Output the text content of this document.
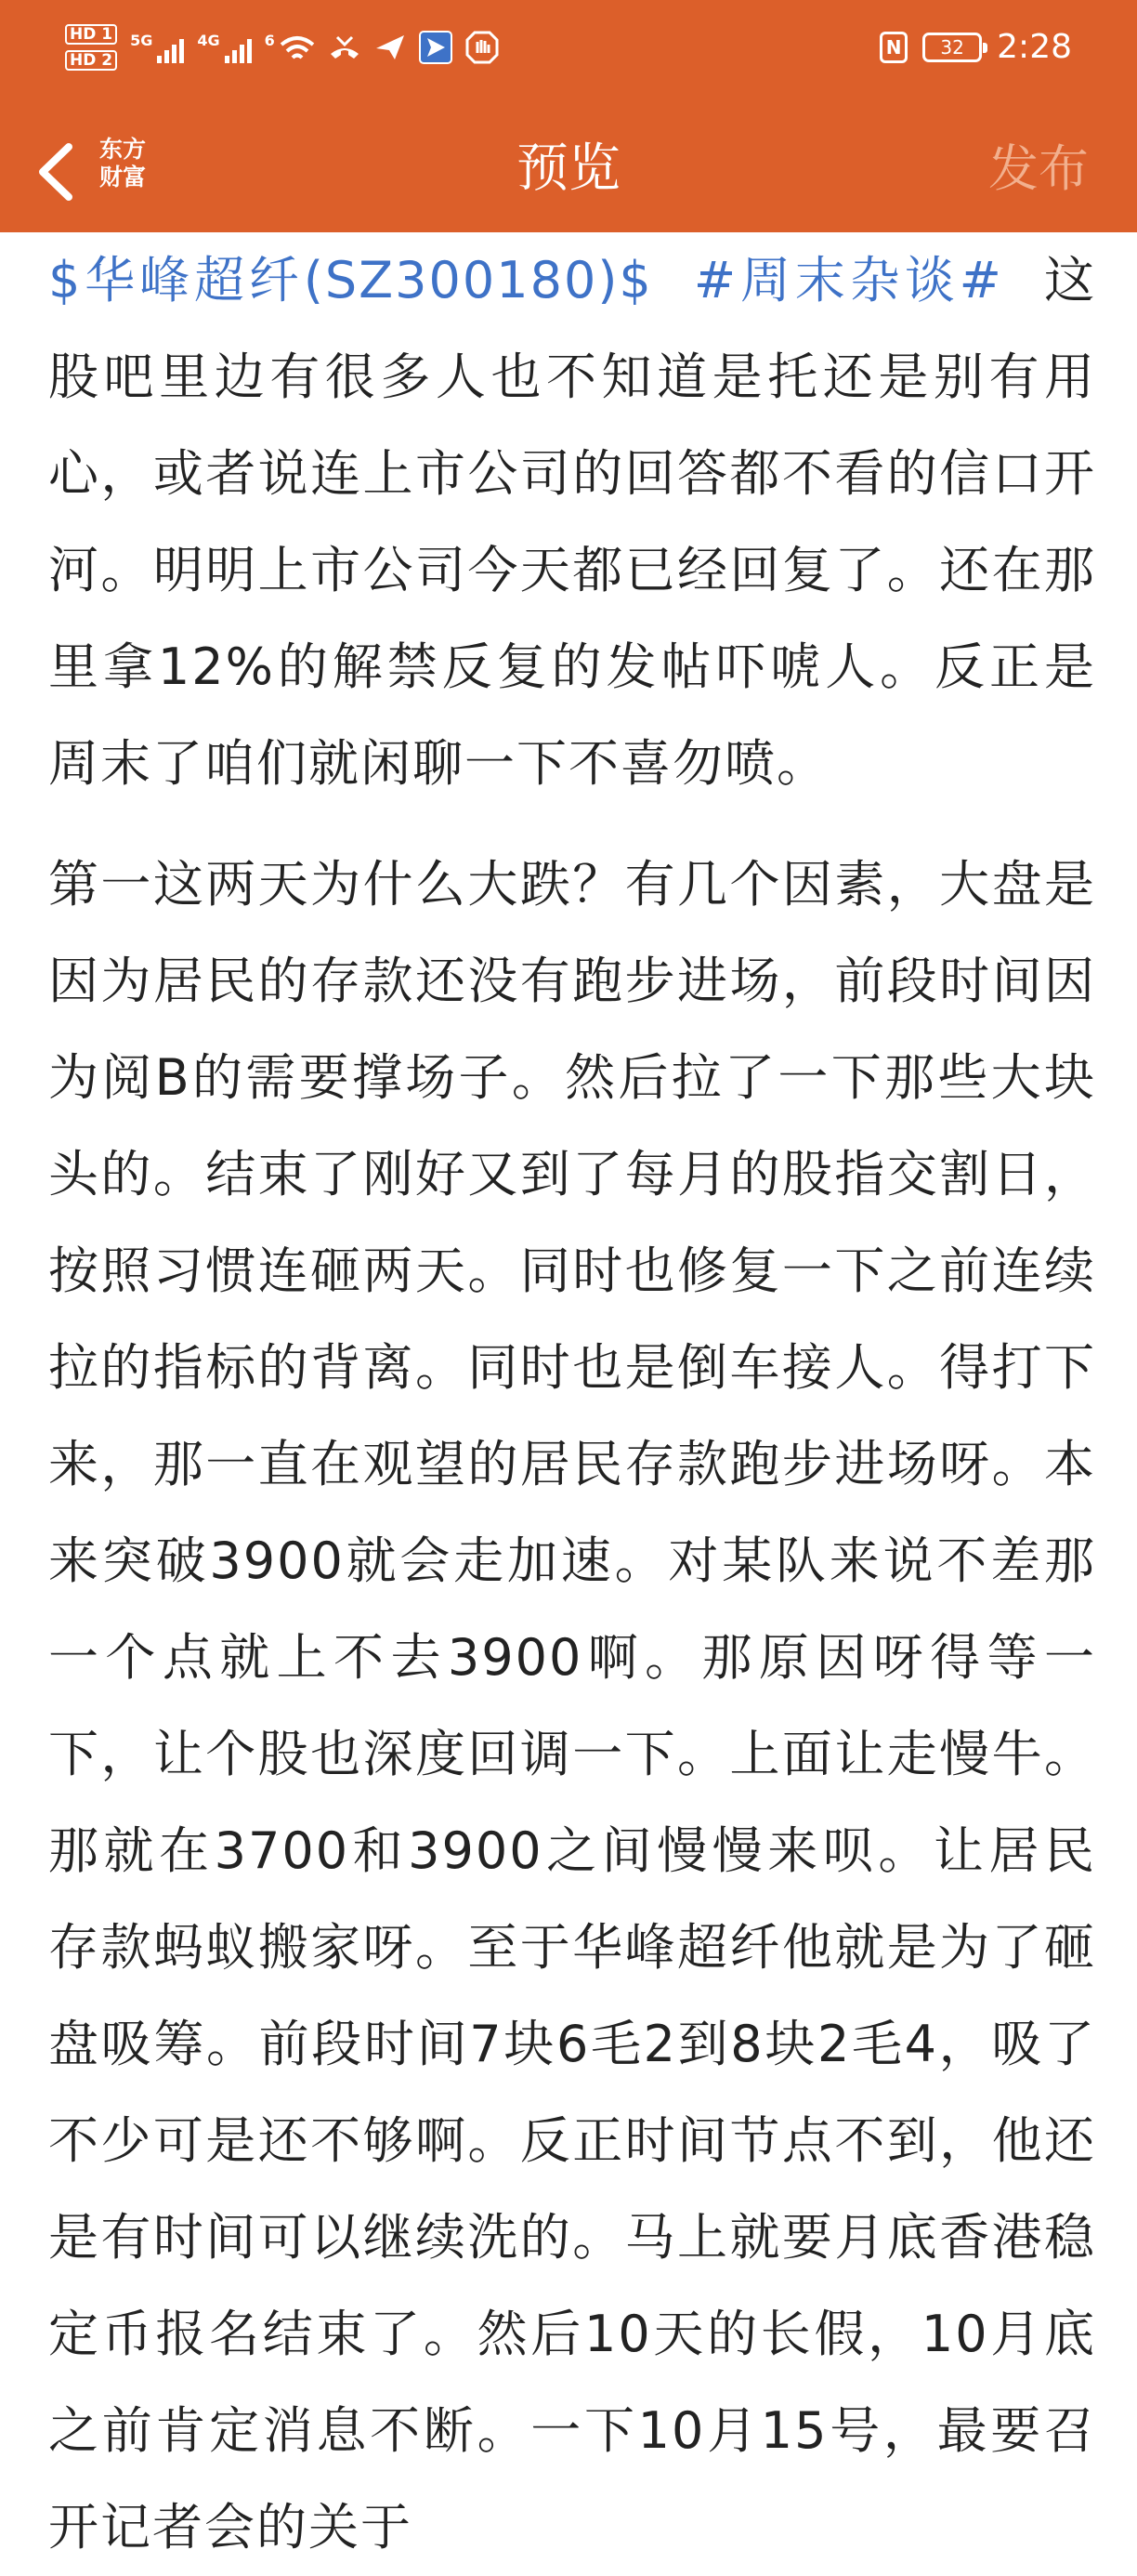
HD 1
HD 2
5G	4G	6	N	32 2:28
东方
财富	预览	发布

$华峰超纤(SZ300180)$ #周末杂谈# 这股吧里边有很多人也不知道是托还是别有用心，或者说连上市公司的回答都不看的信口开河。明明上市公司今天都已经回复了。还在那里拿12%的解禁反复的发帖吓唬人。反正是周末了咱们就闲聊一下不喜勿喷。

第一这两天为什么大跌？有几个因素，大盘是因为居民的存款还没有跑步进场，前段时间因为阅B的需要撑场子。然后拉了一下那些大块头的。结束了刚好又到了每月的股指交割日，按照习惯连砸两天。同时也修复一下之前连续拉的指标的背离。同时也是倒车接人。得打下来，那一直在观望的居民存款跑步进场呀。本来突破3900就会走加速。对某队来说不差那一个点就上不去3900啊。那原因呀得等一下，让个股也深度回调一下。上面让走慢牛。那就在3700和3900之间慢慢来呗。让居民存款蚂蚁搬家呀。至于华峰超纤他就是为了砸盘吸筹。前段时间7块6毛2到8块2毛4，吸了不少可是还不够啊。反正时间节点不到，他还是有时间可以继续洗的。马上就要月底香港稳定币报名结束了。然后10天的长假，10月底之前肯定消息不断。一下10月15号，最要召开记者会的关于
